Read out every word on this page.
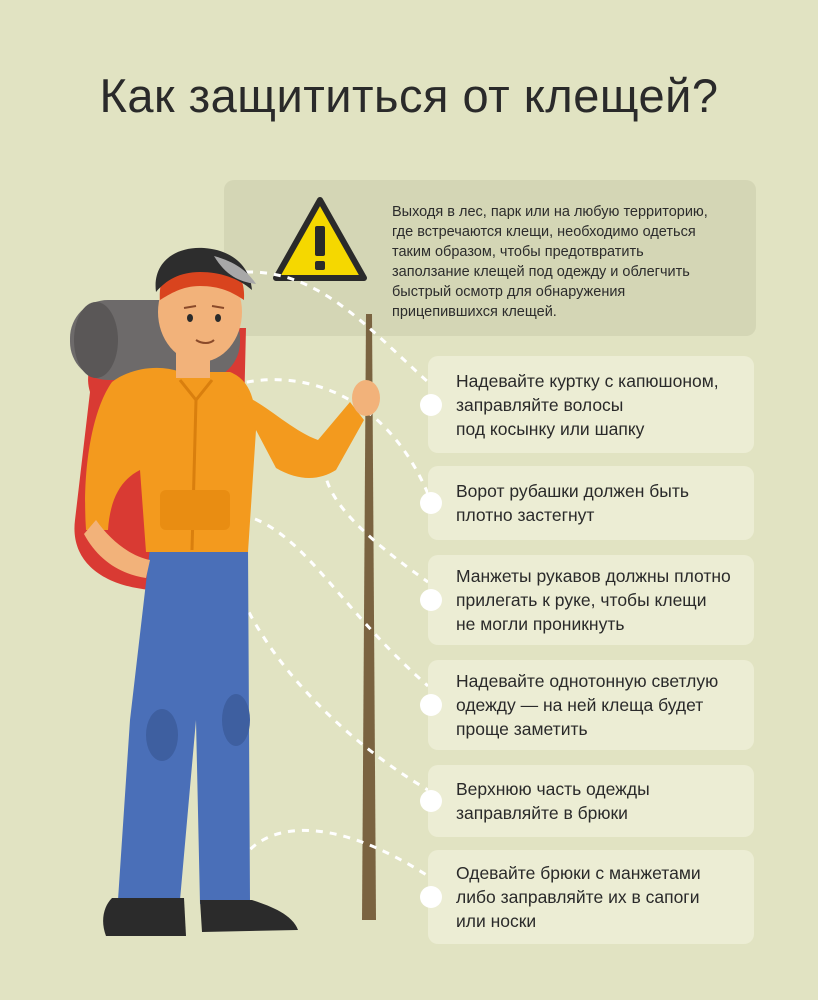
Как защититься от клещей?
Выходя в лес, парк или на любую территорию,
где встречаются клещи, необходимо одеться
таким образом, чтобы предотвратить
заползание клещей под одежду и облегчить
быстрый осмотр для обнаружения
прицепившихся клещей.
Надевайте куртку с капюшоном,
заправляйте волосы
под косынку или шапку
Ворот рубашки должен быть
плотно застегнут
Манжеты рукавов должны плотно
прилегать к руке, чтобы клещи
не могли проникнуть
Надевайте однотонную светлую
одежду — на ней клеща будет
проще заметить
Верхнюю часть одежды
заправляйте в брюки
Одевайте брюки с манжетами
либо заправляйте их в сапоги
или носки
